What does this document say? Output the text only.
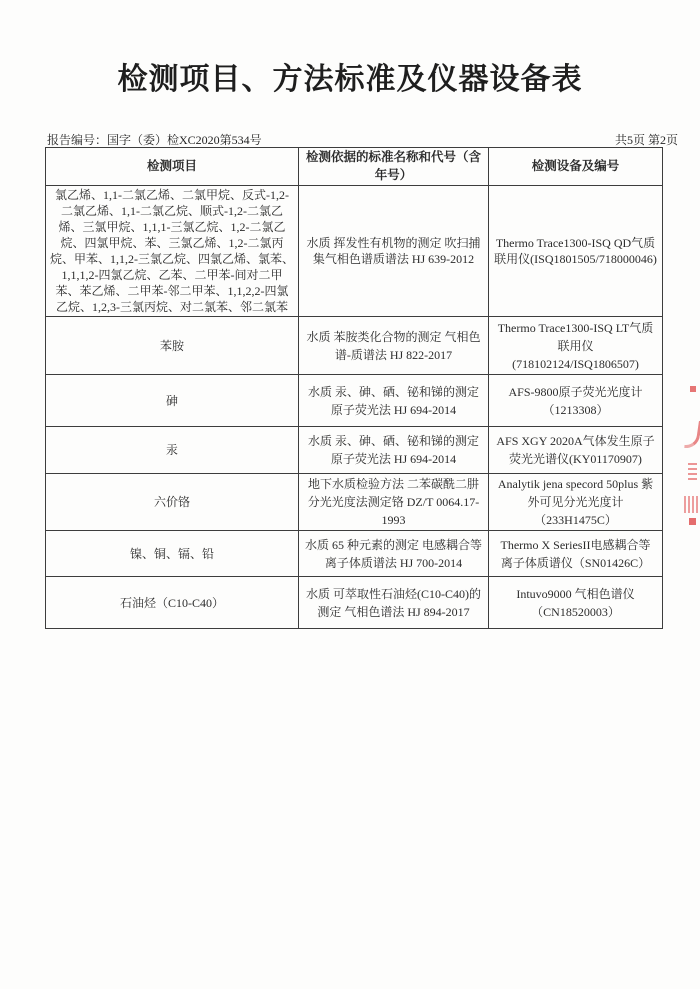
检测项目、方法标准及仪器设备表
报告编号：国字（委）检XC2020第534号	共5页 第2页
检测项目	检测依据的标准名称和代号（含年号）	检测设备及编号
氯乙烯、1,1-二氯乙烯、二氯甲烷、反式-1,2-二氯乙烯、1,1-二氯乙烷、顺式-1,2-二氯乙烯、三氯甲烷、1,1,1-三氯乙烷、1,2-二氯乙烷、四氯甲烷、苯、三氯乙烯、1,2-二氯丙烷、甲苯、1,1,2-三氯乙烷、四氯乙烯、氯苯、1,1,1,2-四氯乙烷、乙苯、二甲苯-间对二甲苯、苯乙烯、二甲苯-邻二甲苯、1,1,2,2-四氯乙烷、1,2,3-三氯丙烷、对二氯苯、邻二氯苯	水质 挥发性有机物的测定 吹扫捕集气相色谱质谱法 HJ 639-2012	Thermo Trace1300-ISQ QD气质联用仪(ISQ1801505/718000046)
苯胺	水质 苯胺类化合物的测定 气相色谱-质谱法 HJ 822-2017	Thermo Trace1300-ISQ LT气质联用仪(718102124/ISQ1806507)
砷	水质 汞、砷、硒、铋和锑的测定 原子荧光法 HJ 694-2014	AFS-9800原子荧光光度计（1213308）
汞	水质 汞、砷、硒、铋和锑的测定 原子荧光法 HJ 694-2014	AFS XGY 2020A气体发生原子荧光光谱仪(KY01170907)
六价铬	地下水质检验方法 二苯碳酰二肼分光光度法测定铬 DZ/T 0064.17-1993	Analytik jena specord 50plus 紫外可见分光光度计（233H1475C）
镍、铜、镉、铅	水质 65 种元素的测定 电感耦合等离子体质谱法 HJ 700-2014	Thermo X SeriesII电感耦合等离子体质谱仪（SN01426C）
石油烃（C10-C40）	水质 可萃取性石油烃(C10-C40)的测定 气相色谱法 HJ 894-2017	Intuvo9000 气相色谱仪（CN18520003）
